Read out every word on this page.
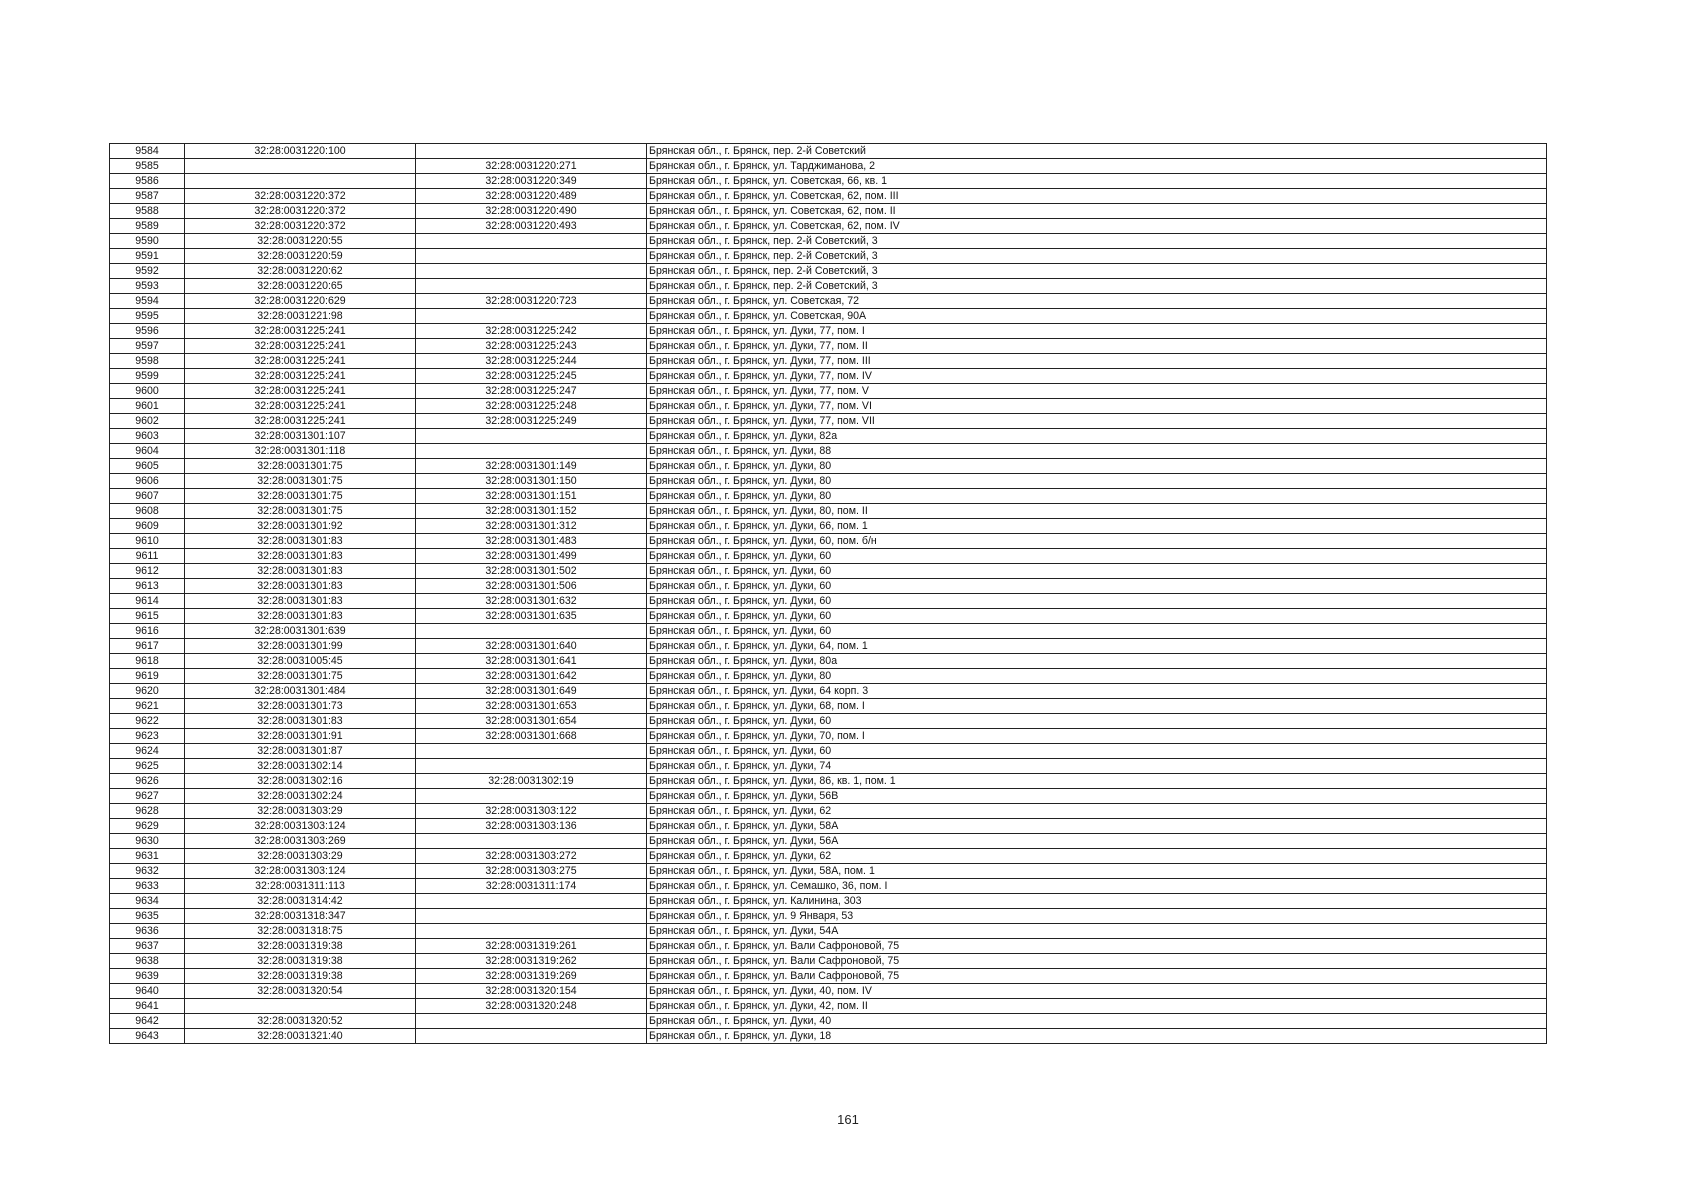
9584	32:28:0031220:100		Брянская обл., г. Брянск, пер. 2-й Советский
9585		32:28:0031220:271	Брянская обл., г. Брянск, ул. Тарджиманова, 2
9586		32:28:0031220:349	Брянская обл., г. Брянск, ул. Советская, 66, кв. 1
9587	32:28:0031220:372	32:28:0031220:489	Брянская обл., г. Брянск, ул. Советская, 62, пом. III
9588	32:28:0031220:372	32:28:0031220:490	Брянская обл., г. Брянск, ул. Советская, 62, пом. II
9589	32:28:0031220:372	32:28:0031220:493	Брянская обл., г. Брянск, ул. Советская, 62, пом. IV
9590	32:28:0031220:55		Брянская обл., г. Брянск, пер. 2-й Советский, 3
9591	32:28:0031220:59		Брянская обл., г. Брянск, пер. 2-й Советский, 3
9592	32:28:0031220:62		Брянская обл., г. Брянск, пер. 2-й Советский, 3
9593	32:28:0031220:65		Брянская обл., г. Брянск, пер. 2-й Советский, 3
9594	32:28:0031220:629	32:28:0031220:723	Брянская обл., г. Брянск, ул. Советская, 72
9595	32:28:0031221:98		Брянская обл., г. Брянск, ул. Советская, 90А
9596	32:28:0031225:241	32:28:0031225:242	Брянская обл., г. Брянск, ул. Дуки, 77, пом. I
9597	32:28:0031225:241	32:28:0031225:243	Брянская обл., г. Брянск, ул. Дуки, 77, пом. II
9598	32:28:0031225:241	32:28:0031225:244	Брянская обл., г. Брянск, ул. Дуки, 77, пом. III
9599	32:28:0031225:241	32:28:0031225:245	Брянская обл., г. Брянск, ул. Дуки, 77, пом. IV
9600	32:28:0031225:241	32:28:0031225:247	Брянская обл., г. Брянск, ул. Дуки, 77, пом. V
9601	32:28:0031225:241	32:28:0031225:248	Брянская обл., г. Брянск, ул. Дуки, 77, пом. VI
9602	32:28:0031225:241	32:28:0031225:249	Брянская обл., г. Брянск, ул. Дуки, 77, пом. VII
9603	32:28:0031301:107		Брянская обл., г. Брянск, ул. Дуки, 82а
9604	32:28:0031301:118		Брянская обл., г. Брянск, ул. Дуки, 88
9605	32:28:0031301:75	32:28:0031301:149	Брянская обл., г. Брянск, ул. Дуки, 80
9606	32:28:0031301:75	32:28:0031301:150	Брянская обл., г. Брянск, ул. Дуки, 80
9607	32:28:0031301:75	32:28:0031301:151	Брянская обл., г. Брянск, ул. Дуки, 80
9608	32:28:0031301:75	32:28:0031301:152	Брянская обл., г. Брянск, ул. Дуки, 80, пом. II
9609	32:28:0031301:92	32:28:0031301:312	Брянская обл., г. Брянск, ул. Дуки, 66, пом. 1
9610	32:28:0031301:83	32:28:0031301:483	Брянская обл., г. Брянск, ул. Дуки, 60, пом. б/н
9611	32:28:0031301:83	32:28:0031301:499	Брянская обл., г. Брянск, ул. Дуки, 60
9612	32:28:0031301:83	32:28:0031301:502	Брянская обл., г. Брянск, ул. Дуки, 60
9613	32:28:0031301:83	32:28:0031301:506	Брянская обл., г. Брянск, ул. Дуки, 60
9614	32:28:0031301:83	32:28:0031301:632	Брянская обл., г. Брянск, ул. Дуки, 60
9615	32:28:0031301:83	32:28:0031301:635	Брянская обл., г. Брянск, ул. Дуки, 60
9616	32:28:0031301:639		Брянская обл., г. Брянск, ул. Дуки, 60
9617	32:28:0031301:99	32:28:0031301:640	Брянская обл., г. Брянск, ул. Дуки, 64, пом. 1
9618	32:28:0031005:45	32:28:0031301:641	Брянская обл., г. Брянск, ул. Дуки, 80а
9619	32:28:0031301:75	32:28:0031301:642	Брянская обл., г. Брянск, ул. Дуки, 80
9620	32:28:0031301:484	32:28:0031301:649	Брянская обл., г. Брянск, ул. Дуки, 64 корп. 3
9621	32:28:0031301:73	32:28:0031301:653	Брянская обл., г. Брянск, ул. Дуки, 68, пом. I
9622	32:28:0031301:83	32:28:0031301:654	Брянская обл., г. Брянск, ул. Дуки, 60
9623	32:28:0031301:91	32:28:0031301:668	Брянская обл., г. Брянск, ул. Дуки, 70, пом. I
9624	32:28:0031301:87		Брянская обл., г. Брянск, ул. Дуки, 60
9625	32:28:0031302:14		Брянская обл., г. Брянск, ул. Дуки, 74
9626	32:28:0031302:16	32:28:0031302:19	Брянская обл., г. Брянск, ул. Дуки, 86, кв. 1, пом. 1
9627	32:28:0031302:24		Брянская обл., г. Брянск, ул. Дуки, 56В
9628	32:28:0031303:29	32:28:0031303:122	Брянская обл., г. Брянск, ул. Дуки, 62
9629	32:28:0031303:124	32:28:0031303:136	Брянская обл., г. Брянск, ул. Дуки, 58А
9630	32:28:0031303:269		Брянская обл., г. Брянск, ул. Дуки, 56А
9631	32:28:0031303:29	32:28:0031303:272	Брянская обл., г. Брянск, ул. Дуки, 62
9632	32:28:0031303:124	32:28:0031303:275	Брянская обл., г. Брянск, ул. Дуки, 58А, пом. 1
9633	32:28:0031311:113	32:28:0031311:174	Брянская обл., г. Брянск, ул. Семашко, 36, пом. I
9634	32:28:0031314:42		Брянская обл., г. Брянск, ул. Калинина, 303
9635	32:28:0031318:347		Брянская обл., г. Брянск, ул. 9 Января, 53
9636	32:28:0031318:75		Брянская обл., г. Брянск, ул. Дуки, 54А
9637	32:28:0031319:38	32:28:0031319:261	Брянская обл., г. Брянск, ул. Вали Сафроновой, 75
9638	32:28:0031319:38	32:28:0031319:262	Брянская обл., г. Брянск, ул. Вали Сафроновой, 75
9639	32:28:0031319:38	32:28:0031319:269	Брянская обл., г. Брянск, ул. Вали Сафроновой, 75
9640	32:28:0031320:54	32:28:0031320:154	Брянская обл., г. Брянск, ул. Дуки, 40, пом. IV
9641		32:28:0031320:248	Брянская обл., г. Брянск, ул. Дуки, 42, пом. II
9642	32:28:0031320:52		Брянская обл., г. Брянск, ул. Дуки, 40
9643	32:28:0031321:40		Брянская обл., г. Брянск, ул. Дуки, 18
161
